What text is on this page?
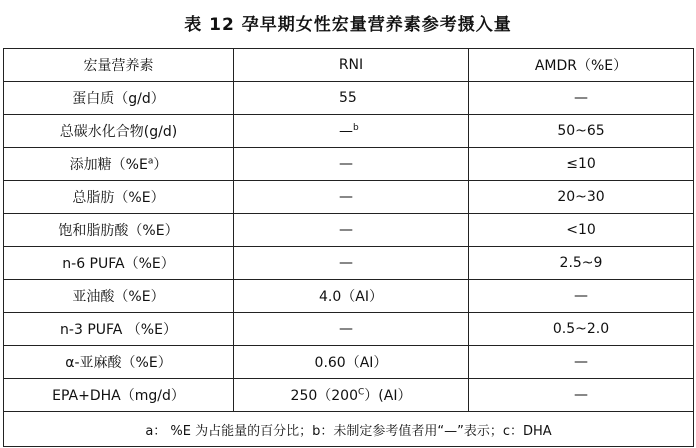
表 12 孕早期女性宏量营养素参考摄入量
宏量营养素	RNI	AMDR（%E）
蛋白质（g/d）	55	—
总碳水化合物(g/d)	—$^b$	50~65
添加糖$(\%E^a)$	—	≤10
总脂肪（%E）	—	20~30
饱和脂肪酸（%E）	—	<10
n-6 PUFA（%E）	—	2.5~9
亚油酸（%E）	4.0（AI）	—
n-3 PUFA （%E）	—	0.5~2.0
α-亚麻酸（%E）	0.60（AI）	—
EPA+DHA（mg/d）	$250(200^C)(AI)$	—
a： %E 为占能量的百分比；b：未制定参考值者用“—”表示；c：DHA		
